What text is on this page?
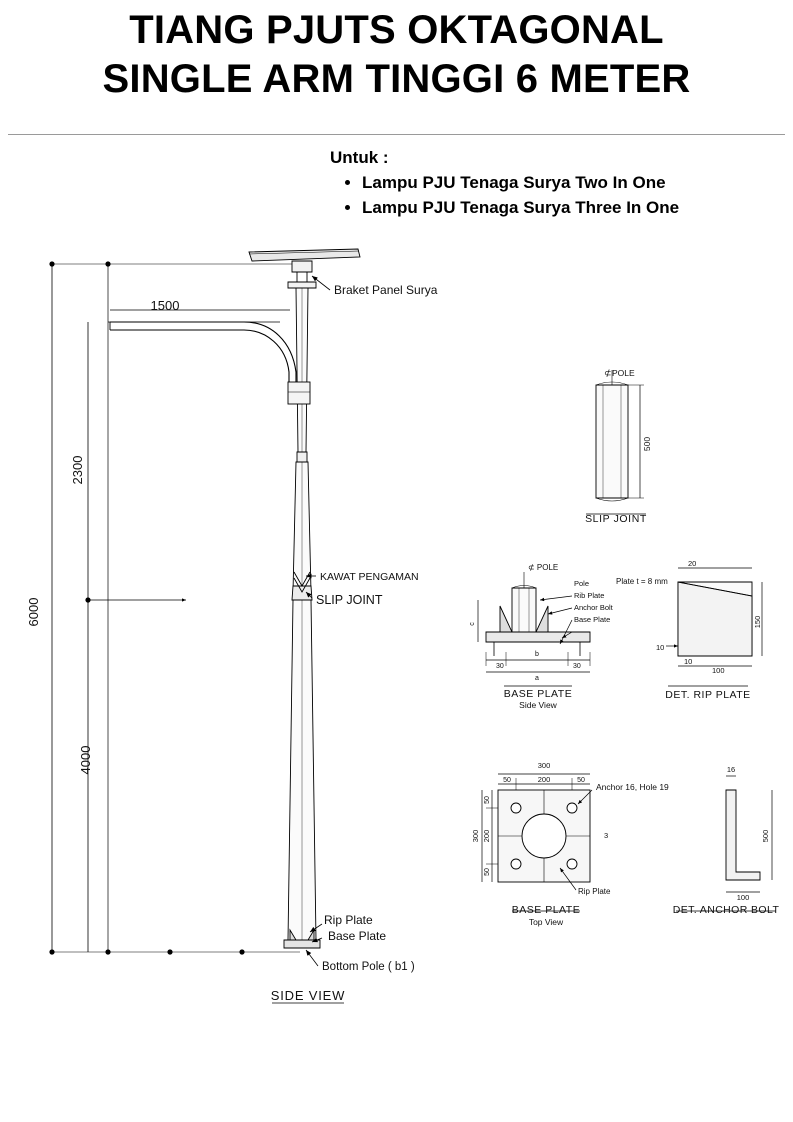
TIANG PJUTS OKTAGONAL
SINGLE ARM TINGGI 6 METER
Untuk :
• Lampu PJU Tenaga Surya Two In One
• Lampu PJU Tenaga Surya Three In One
6000
2300
4000
1500
Braket Panel Surya
KAWAT PENGAMAN
SLIP JOINT
Rip Plate
Base Plate
Bottom Pole ( b1 )
SIDE VIEW
POLE
⊄
500
SLIP JOINT
⊄ POLE
Pole
Rib Plate
Anchor Bolt
Base Plate
30
b
30
a
c
BASE PLATE
Side View
Plate t = 8 mm
20
150
10
10
100
DET. RIP PLATE
300
50	200	50
300 200
50
50
3
Anchor 16, Hole 19
Rip Plate
BASE PLATE
Top View
16
500
100
DET. ANCHOR BOLT
